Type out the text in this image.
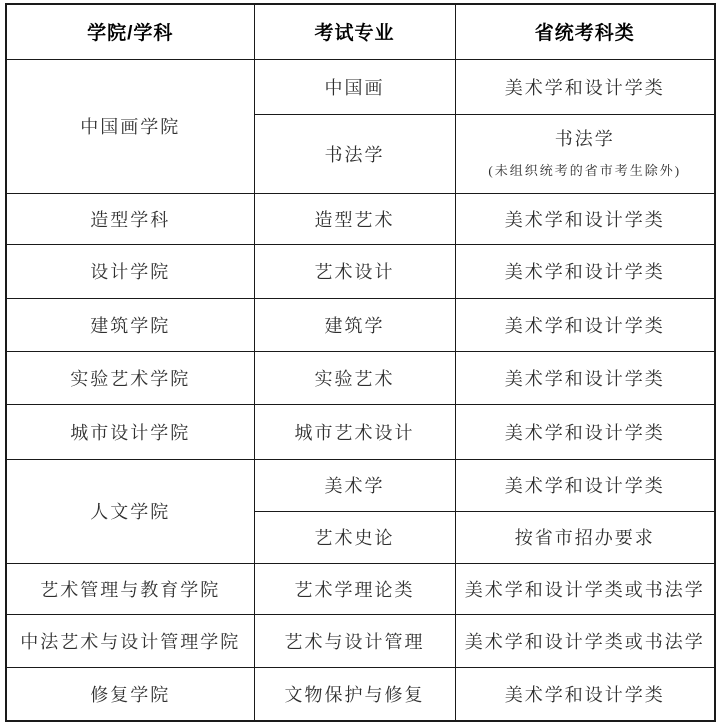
学院/学科	考试专业	省统考科类
中国画学院	中国画	美术学和设计学类
	书法学	书法学
(未组织统考的省市考生除外)

造型学科	造型艺术	美术学和设计学类
设计学院	艺术设计	美术学和设计学类
建筑学院	建筑学	美术学和设计学类
实验艺术学院	实验艺术	美术学和设计学类
城市设计学院	城市艺术设计	美术学和设计学类
人文学院	美术学	美术学和设计学类
	艺术史论	按省市招办要求
艺术管理与教育学院	艺术学理论类	美术学和设计学类或书法学
中法艺术与设计管理学院	艺术与设计管理	美术学和设计学类或书法学
修复学院	文物保护与修复	美术学和设计学类
